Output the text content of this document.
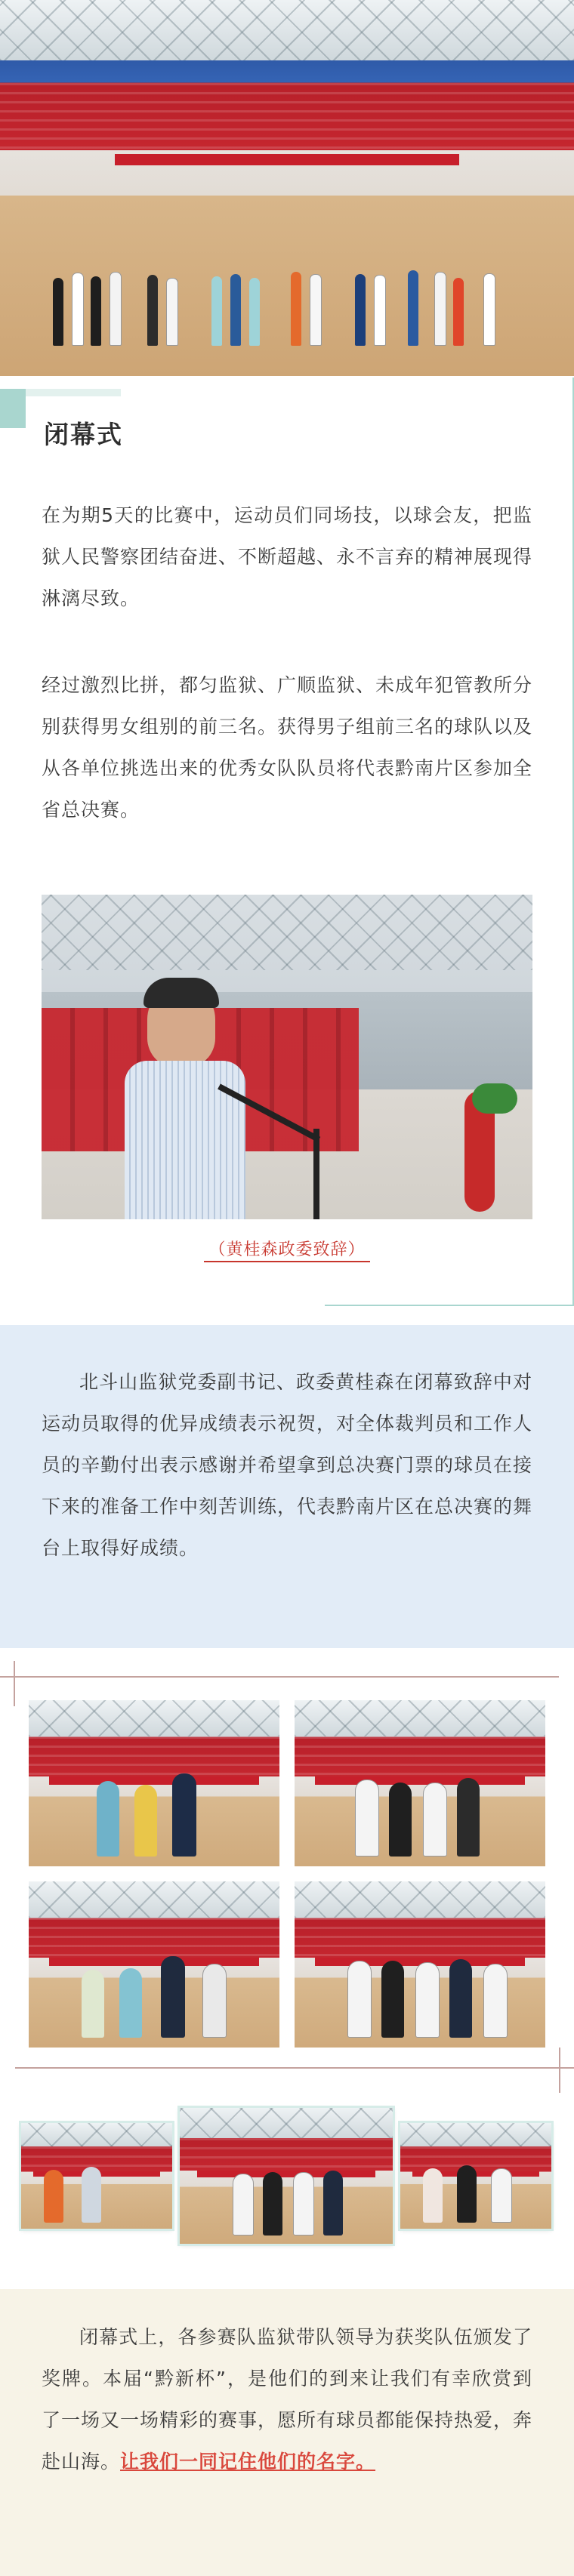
闭幕式

在为期5天的比赛中，运动员们同场技，以球会友，把监狱人民警察团结奋进、不断超越、永不言弃的精神展现得淋漓尽致。

经过激烈比拼，都匀监狱、广顺监狱、未成年犯管教所分别获得男女组别的前三名。获得男子组前三名的球队以及从各单位挑选出来的优秀女队队员将代表黔南片区参加全省总决赛。

（黄桂森政委致辞）

北斗山监狱党委副书记、政委黄桂森在闭幕致辞中对运动员取得的优异成绩表示祝贺，对全体裁判员和工作人员的辛勤付出表示感谢并希望拿到总决赛门票的球员在接下来的准备工作中刻苦训练，代表黔南片区在总决赛的舞台上取得好成绩。

闭幕式上，各参赛队监狱带队领导为获奖队伍颁发了奖牌。本届“黔新杯”，是他们的到来让我们有幸欣赏到了一场又一场精彩的赛事，愿所有球员都能保持热爱，奔赴山海。让我们一同记住他们的名字。
